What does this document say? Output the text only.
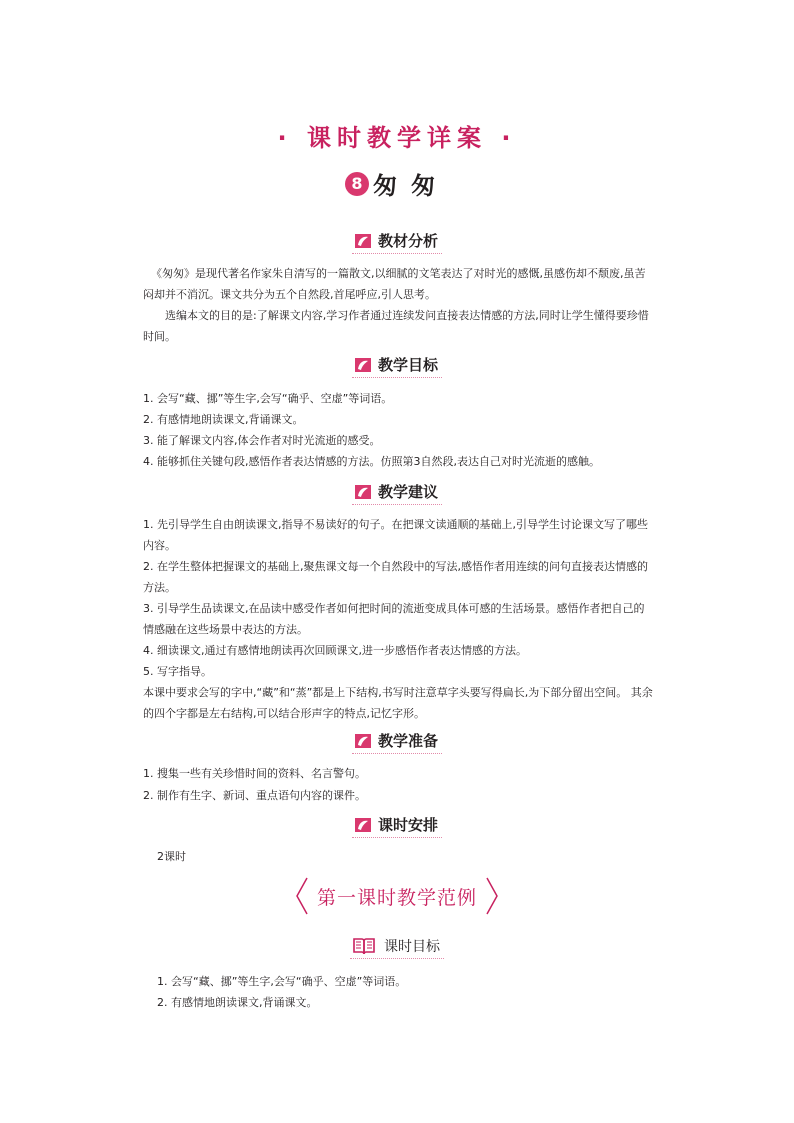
· 课时教学详案 ·
8 匆匆
教材分析

《匆匆》是现代著名作家朱自清写的一篇散文,以细腻的文笔表达了对时光的感慨,虽感伤却不颓废,虽苦闷却并不消沉。课文共分为五个自然段,首尾呼应,引人思考。

选编本文的目的是:了解课文内容,学习作者通过连续发问直接表达情感的方法,同时让学生懂得要珍惜时间。

教学目标

1. 会写“藏、挪”等生字,会写“确乎、空虚”等词语。

2. 有感情地朗读课文,背诵课文。

3. 能了解课文内容,体会作者对时光流逝的感受。

4. 能够抓住关键句段,感悟作者表达情感的方法。仿照第3自然段,表达自己对时光流逝的感触。

教学建议

1. 先引导学生自由朗读课文,指导不易读好的句子。在把课文读通顺的基础上,引导学生讨论课文写了哪些内容。

2. 在学生整体把握课文的基础上,聚焦课文每一个自然段中的写法,感悟作者用连续的问句直接表达情感的方法。

3. 引导学生品读课文,在品读中感受作者如何把时间的流逝变成具体可感的生活场景。感悟作者把自己的情感融在这些场景中表达的方法。

4. 细读课文,通过有感情地朗读再次回顾课文,进一步感悟作者表达情感的方法。

5. 写字指导。

本课中要求会写的字中,“藏”和“蒸”都是上下结构,书写时注意草字头要写得扁长,为下部分留出空间。 其余的四个字都是左右结构,可以结合形声字的特点,记忆字形。

教学准备

1. 搜集一些有关珍惜时间的资料、名言警句。

2. 制作有生字、新词、重点语句内容的课件。

课时安排

2课时

第一课时教学范例
课时目标

1. 会写“藏、挪”等生字,会写“确乎、空虚”等词语。

2. 有感情地朗读课文,背诵课文。
